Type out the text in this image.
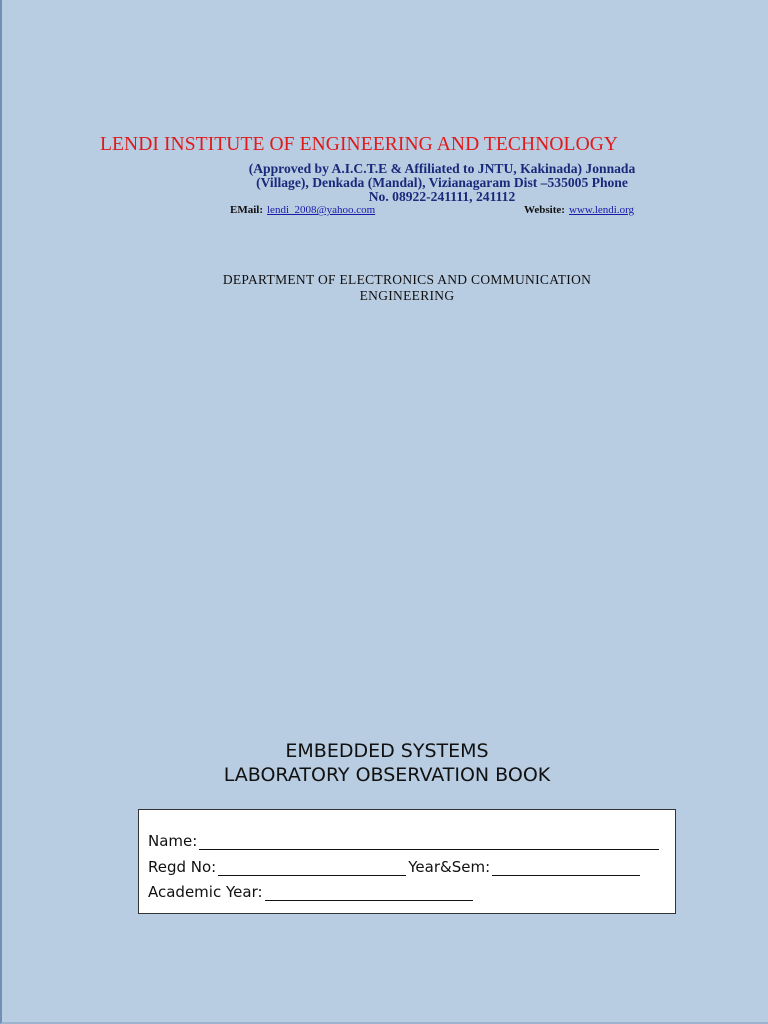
LENDI INSTITUTE OF ENGINEERING AND TECHNOLOGY
(Approved by A.I.C.T.E & Affiliated to JNTU, Kakinada) Jonnada
(Village), Denkada (Mandal), Vizianagaram Dist –535005 Phone
No. 08922-241111, 241112
EMail: lendi_2008@yahoo.com	Website: www.lendi.org
DEPARTMENT OF ELECTRONICS AND COMMUNICATION
ENGINEERING
EMBEDDED SYSTEMS
LABORATORY OBSERVATION BOOK
Name:
Regd No:	Year&Sem:
Academic Year:
